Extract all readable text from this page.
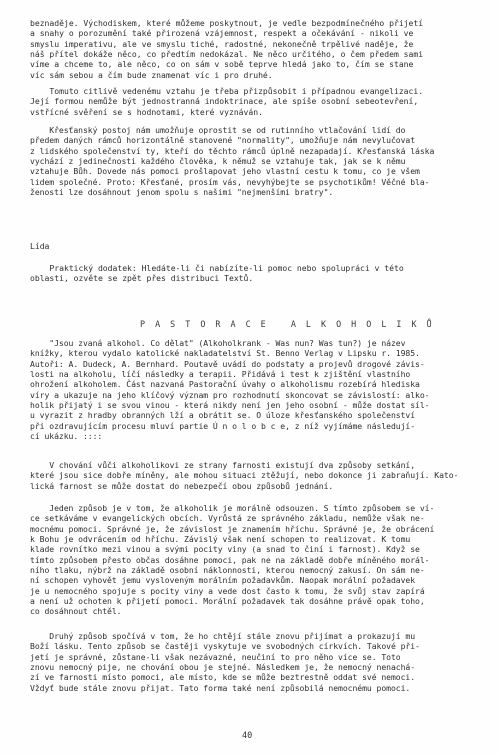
beznaděje. Východiskem, které můžeme poskytnout, je vedle bezpodmínečného přijetí
a snahy o porozumění také přirozená vzájemnost, respekt a očekávání - nikoli ve
smyslu imperativu, ale ve smyslu tiché, radostné, nekonečně trpělivé naděje, že
náš přítel dokáže něco, co předtím nedokázal. Ne něco určitého, o čem předem sami
víme a chceme to, ale něco, co on sám v sobě teprve hledá jako to, čím se stane
víc sám sebou a čím bude znamenat víc i pro druhé.
Tomuto citlivě vedenému vztahu je třeba přizpůsobit i případnou evangelizaci.
Její formou nemůže být jednostranná indoktrinace, ale spíše osobní sebeotevření,
vstřícné svěření se s hodnotami, které vyznáván.
Křesťanský postoj nám umožňuje oprostit se od rutinního vtlačování lidí do
předem daných rámců horizontálně stanovené "normality", umožňuje nám nevylučovat
z lidského společenství ty, kteří do těchto rámců úplně nezapadají. Křesťanská láska
vychází z jedinečnosti každého člověka, k němuž se vztahuje tak, jak se k němu
vztahuje Bůh. Dovede nás pomoci prošlapovat jeho vlastní cestu k tomu, co je všem
lidem společné. Proto: Křesťané, prosím vás, nevyhýbejte se psychotikům! Věčné bla-
ženosti lze dosáhnout jenom spolu s našimi "nejmenšími bratry".
Lída
Praktický dodatek: Hledáte-li či nabízíte-li pomoc nebo spolupráci v této
oblasti, ozvěte se zpět přes distribuci Textů.
P A S T O R A C E   A L K O H O L I K Ů
"Jsou zvaná alkohol. Co dělat" (Alkoholkrank - Was nun? Was tun?) je název
knížky, kterou vydalo katolické nakladatelství St. Benno Verlag v Lipsku r. 1985.
Autoři: A. Dudeck, A. Bernhard. Poutavě uvádí do podstaty a projevů drogové závis-
losti na alkoholu, líčí následky a terapii. Přidává i test k zjištění vlastního
ohrožení alkoholem. Část nazvaná Pastorační úvahy o alkoholismu rozebírá hlediska
víry a ukazuje na jeho klíčový význam pro rozhodnutí skoncovat se závislostí: alko-
holik přijatý i se svou vinou - která nikdy není jen jeho osobní - může dostat síl-
u vyrazit z hradby obranných lží a obrátit se. O úloze křesťanského společenství
při ozdravujícím procesu mluví partie Ú n o l o b c e, z níž vyjímáme následují-
cí ukázku. ::::
V chování vůči alkoholikovi ze strany farnosti existují dva způsoby setkání,
které jsou sice dobře míněny, ale mohou situaci ztěžují, nebo dokonce ji zabraňují. Kato-
lická farnost se může dostat do nebezpečí obou způsobů jednání.
Jeden způsob je v tom, že alkoholik je morálně odsouzen. S tímto způsobem se ví-
ce setkáváme v evangelických obcích. Vyrůstá ze správného základu, nemůže však ne-
mocnému pomoci. Správné je, že závislost je znamením hříchu. Správné je, že obrácení
k Bohu je odvrácením od hříchu. Závislý však není schopen to realizovat. K tomu
klade rovnítko mezi vinou a svými pocity viny (a snad to činí i farnost). Když se
tímto způsobem přesto občas dosáhne pomoci, pak ne na základě dobře míněného morál-
ního tlaku, nýbrž na základě osobní náklonnosti, kterou nemocný zakusí. On sám ne-
ní schopen vyhovět jemu vysloveným morálním požadavkům. Naopak morální požadavek
je u nemocného spojuje s pocity viny a vede dost často k tomu, že svůj stav zapírá
a není už ochoten k přijetí pomoci. Morální požadavek tak dosáhne právě opak toho,
co dosáhnout chtěl.
Druhý způsob spočívá v tom, že ho chtějí stále znovu přijímat a prokazují mu
Boží lásku. Tento způsob se častěji vyskytuje ve svobodných církvích. Takové při-
jetí je správné, zůstane-li však nezávazné, neučiní to pro něho více se. Toto
znovu nemocný pije, ne chování obou je stejné. Následkem je, že nemocný nenachá-
zí ve farnosti místo pomoci, ale místo, kde se může beztrestně oddat své nemoci.
Vždyť bude stále znovu přijat. Tato forma také není způsobilá nemocnému pomoci.
40
